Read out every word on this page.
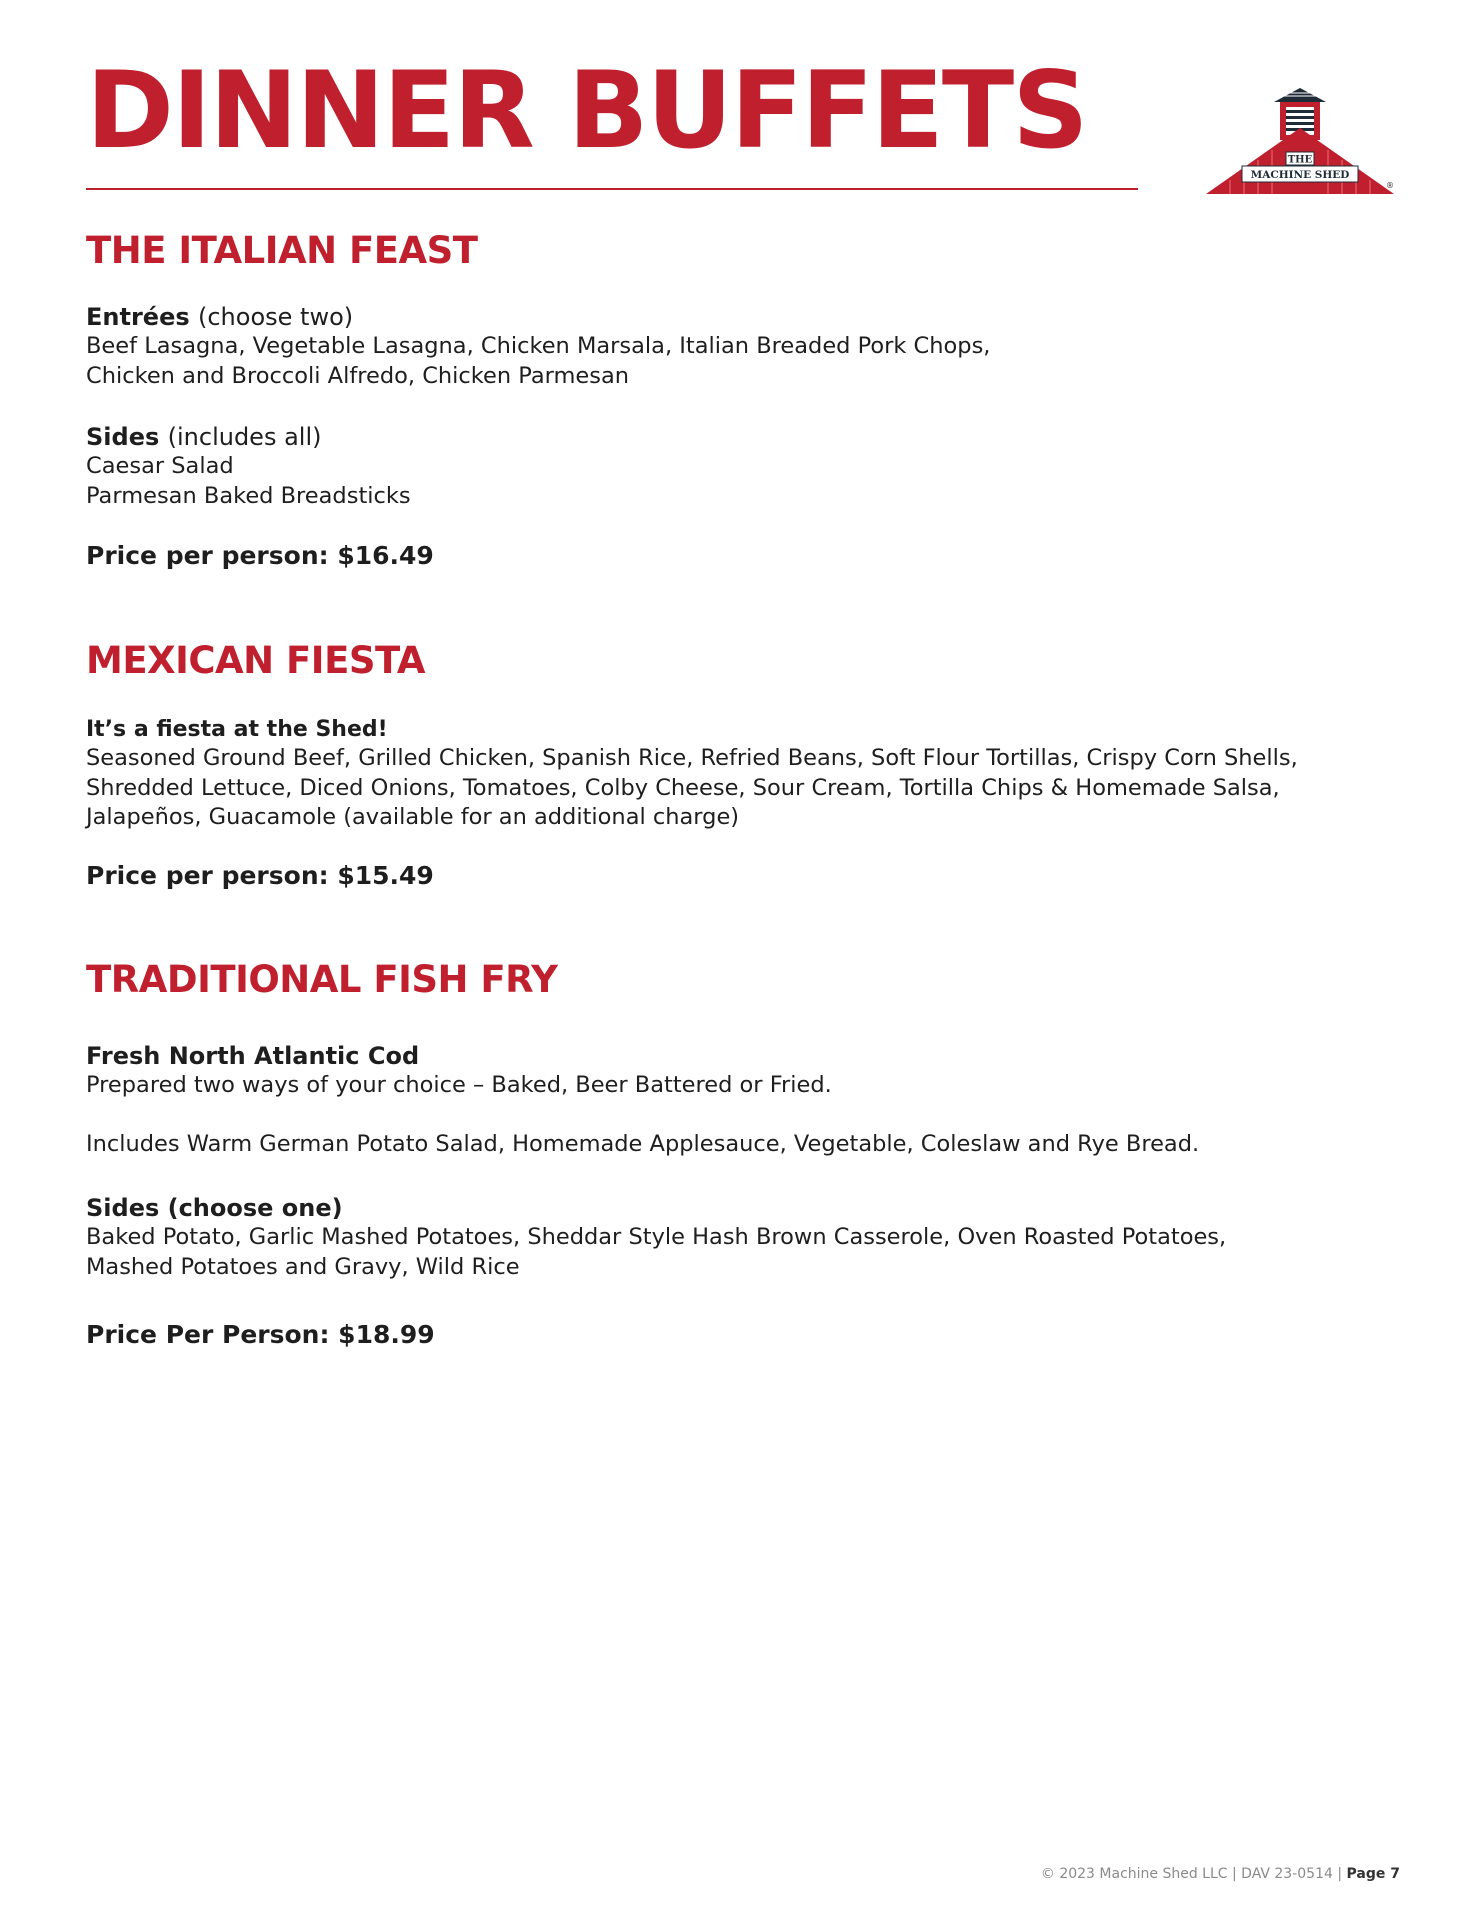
DINNER BUFFETS	THE
MACHINE SHED
®
THE ITALIAN FEAST
Entrées (choose two)
Beef Lasagna, Vegetable Lasagna, Chicken Marsala, Italian Breaded Pork Chops,
Chicken and Broccoli Alfredo, Chicken Parmesan
Sides (includes all)
Caesar Salad
Parmesan Baked Breadsticks
Price per person: $16.49
MEXICAN FIESTA
It’s a fiesta at the Shed!
Seasoned Ground Beef, Grilled Chicken, Spanish Rice, Refried Beans, Soft Flour Tortillas, Crispy Corn Shells,
Shredded Lettuce, Diced Onions, Tomatoes, Colby Cheese, Sour Cream, Tortilla Chips & Homemade Salsa,
Jalapeños, Guacamole (available for an additional charge)
Price per person: $15.49
TRADITIONAL FISH FRY
Fresh North Atlantic Cod
Prepared two ways of your choice – Baked, Beer Battered or Fried.
Includes Warm German Potato Salad, Homemade Applesauce, Vegetable, Coleslaw and Rye Bread.
Sides (choose one)
Baked Potato, Garlic Mashed Potatoes, Sheddar Style Hash Brown Casserole, Oven Roasted Potatoes,
Mashed Potatoes and Gravy, Wild Rice
Price Per Person: $18.99
© 2023 Machine Shed LLC | DAV 23-0514 | Page 7
